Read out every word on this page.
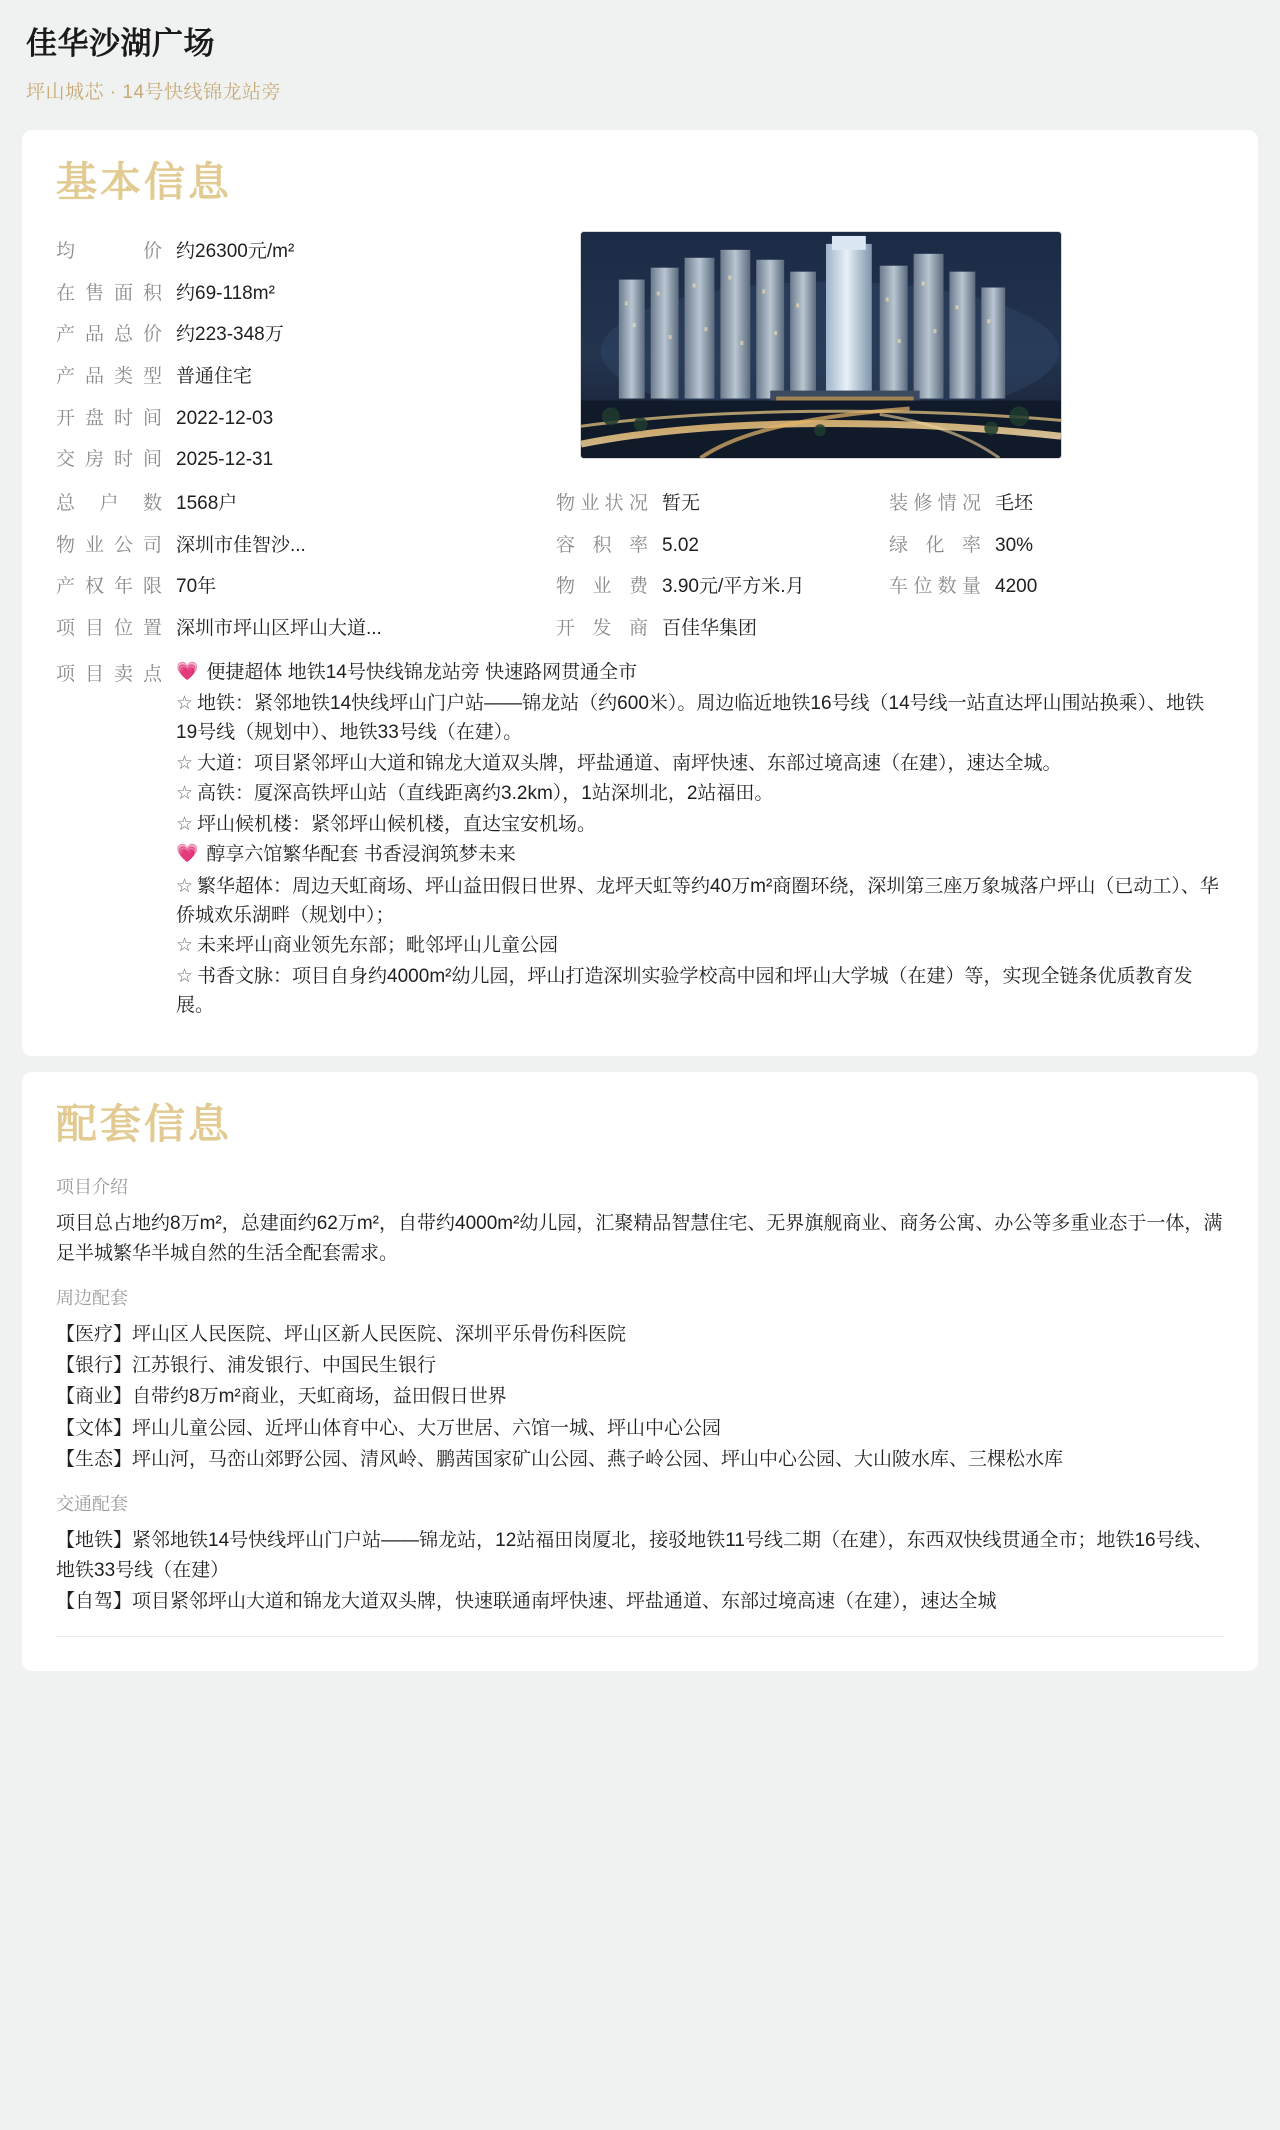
佳华沙湖广场
坪山城芯 · 14号快线锦龙站旁
基本信息
均　　价 约26300元/m²
在售面积 约69-118m²
产品总价 约223-348万
产品类型 普通住宅
开盘时间 2022-12-03
交房时间 2025-12-31
总 户 数 1568户	物业状况 暂无	装修情况 毛坯
物业公司 深圳市佳智沙...	容 积 率 5.02	绿 化 率 30%
产权年限 70年	物 业 费 3.90元/平方米.月	车位数量 4200
项目位置 深圳市坪山区坪山大道...	开 发 商 百佳华集团
项目卖点 💗 便捷超体 地铁14号快线锦龙站旁 快速路网贯通全市
☆ 地铁：紧邻地铁14快线坪山门户站——锦龙站（约600米）。周边临近地铁16号线（14号线一站直达坪山围站换乘）、地铁19号线（规划中）、地铁33号线（在建）。
☆ 大道：项目紧邻坪山大道和锦龙大道双头牌，坪盐通道、南坪快速、东部过境高速（在建），速达全城。
☆ 高铁：厦深高铁坪山站（直线距离约3.2km），1站深圳北，2站福田。
☆ 坪山候机楼：紧邻坪山候机楼，直达宝安机场。
💗 醇享六馆繁华配套 书香浸润筑梦未来
☆ 繁华超体：周边天虹商场、坪山益田假日世界、龙坪天虹等约40万m²商圈环绕，深圳第三座万象城落户坪山（已动工）、华侨城欢乐湖畔（规划中）；
☆ 未来坪山商业领先东部；毗邻坪山儿童公园
☆ 书香文脉：项目自身约4000m²幼儿园，坪山打造深圳实验学校高中园和坪山大学城（在建）等，实现全链条优质教育发展。
配套信息
项目介绍

项目总占地约8万m²，总建面约62万m²，自带约4000m²幼儿园，汇聚精品智慧住宅、无界旗舰商业、商务公寓、办公等多重业态于一体，满足半城繁华半城自然的生活全配套需求。

周边配套

【医疗】坪山区人民医院、坪山区新人民医院、深圳平乐骨伤科医院

【银行】江苏银行、浦发银行、中国民生银行

【商业】自带约8万m²商业，天虹商场，益田假日世界

【文体】坪山儿童公园、近坪山体育中心、大万世居、六馆一城、坪山中心公园

【生态】坪山河，马峦山郊野公园、清风岭、鹏茜国家矿山公园、燕子岭公园、坪山中心公园、大山陂水库、三棵松水库

交通配套

【地铁】紧邻地铁14号快线坪山门户站——锦龙站，12站福田岗厦北，接驳地铁11号线二期（在建），东西双快线贯通全市；地铁16号线、地铁33号线（在建）

【自驾】项目紧邻坪山大道和锦龙大道双头牌，快速联通南坪快速、坪盐通道、东部过境高速（在建），速达全城
